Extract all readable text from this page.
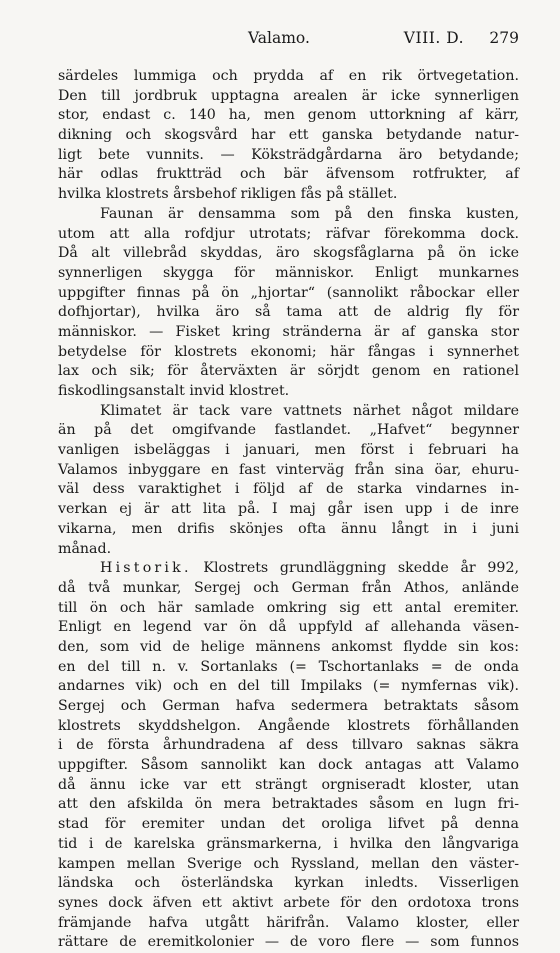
Valamo.	VIII. D. 279
särdeles lummiga och prydda af en rik örtvegetation.
Den till jordbruk upptagna arealen är icke synnerligen
stor, endast c. 140 ha, men genom uttorkning af kärr,
dikning och skogsvård har ett ganska betydande natur-
ligt bete vunnits. — Köksträdgårdarna äro betydande;
här odlas fruktträd och bär äfvensom rotfrukter, af
hvilka klostrets årsbehof rikligen fås på stället.
Faunan är densamma som på den finska kusten,
utom att alla rofdjur utrotats; räfvar förekomma dock.
Då alt villebråd skyddas, äro skogsfåglarna på ön icke
synnerligen skygga för människor. Enligt munkarnes
uppgifter finnas på ön „hjortar“ (sannolikt råbockar eller
dofhjortar), hvilka äro så tama att de aldrig fly för
människor. — Fisket kring stränderna är af ganska stor
betydelse för klostrets ekonomi; här fångas i synnerhet
lax och sik; för återväxten är sörjdt genom en rationel
fiskodlingsanstalt invid klostret.
Klimatet är tack vare vattnets närhet något mildare
än på det omgifvande fastlandet. „Hafvet“ begynner
vanligen isbeläggas i januari, men först i februari ha
Valamos inbyggare en fast vinterväg från sina öar, ehuru-
väl dess varaktighet i följd af de starka vindarnes in-
verkan ej är att lita på. I maj går isen upp i de inre
vikarna, men drifis skönjes ofta ännu långt in i juni
månad.
Historik. Klostrets grundläggning skedde år 992,
då två munkar, Sergej och German från Athos, anlände
till ön och här samlade omkring sig ett antal eremiter.
Enligt en legend var ön då uppfyld af allehanda väsen-
den, som vid de helige männens ankomst flydde sin kos:
en del till n. v. Sortanlaks (= Tschortanlaks = de onda
andarnes vik) och en del till Impilaks (= nymfernas vik).
Sergej och German hafva sedermera betraktats såsom
klostrets skyddshelgon. Angående klostrets förhållanden
i de första århundradena af dess tillvaro saknas säkra
uppgifter. Såsom sannolikt kan dock antagas att Valamo
då ännu icke var ett strängt orgniseradt kloster, utan
att den afskilda ön mera betraktades såsom en lugn fri-
stad för eremiter undan det oroliga lifvet på denna
tid i de karelska gränsmarkerna, i hvilka den långvariga
kampen mellan Sverige och Ryssland, mellan den väster-
ländska och österländska kyrkan inledts. Visserligen
synes dock äfven ett aktivt arbete för den ordotoxa trons
främjande hafva utgått härifrån. Valamo kloster, eller
rättare de eremitkolonier — de voro flere — som funnos
